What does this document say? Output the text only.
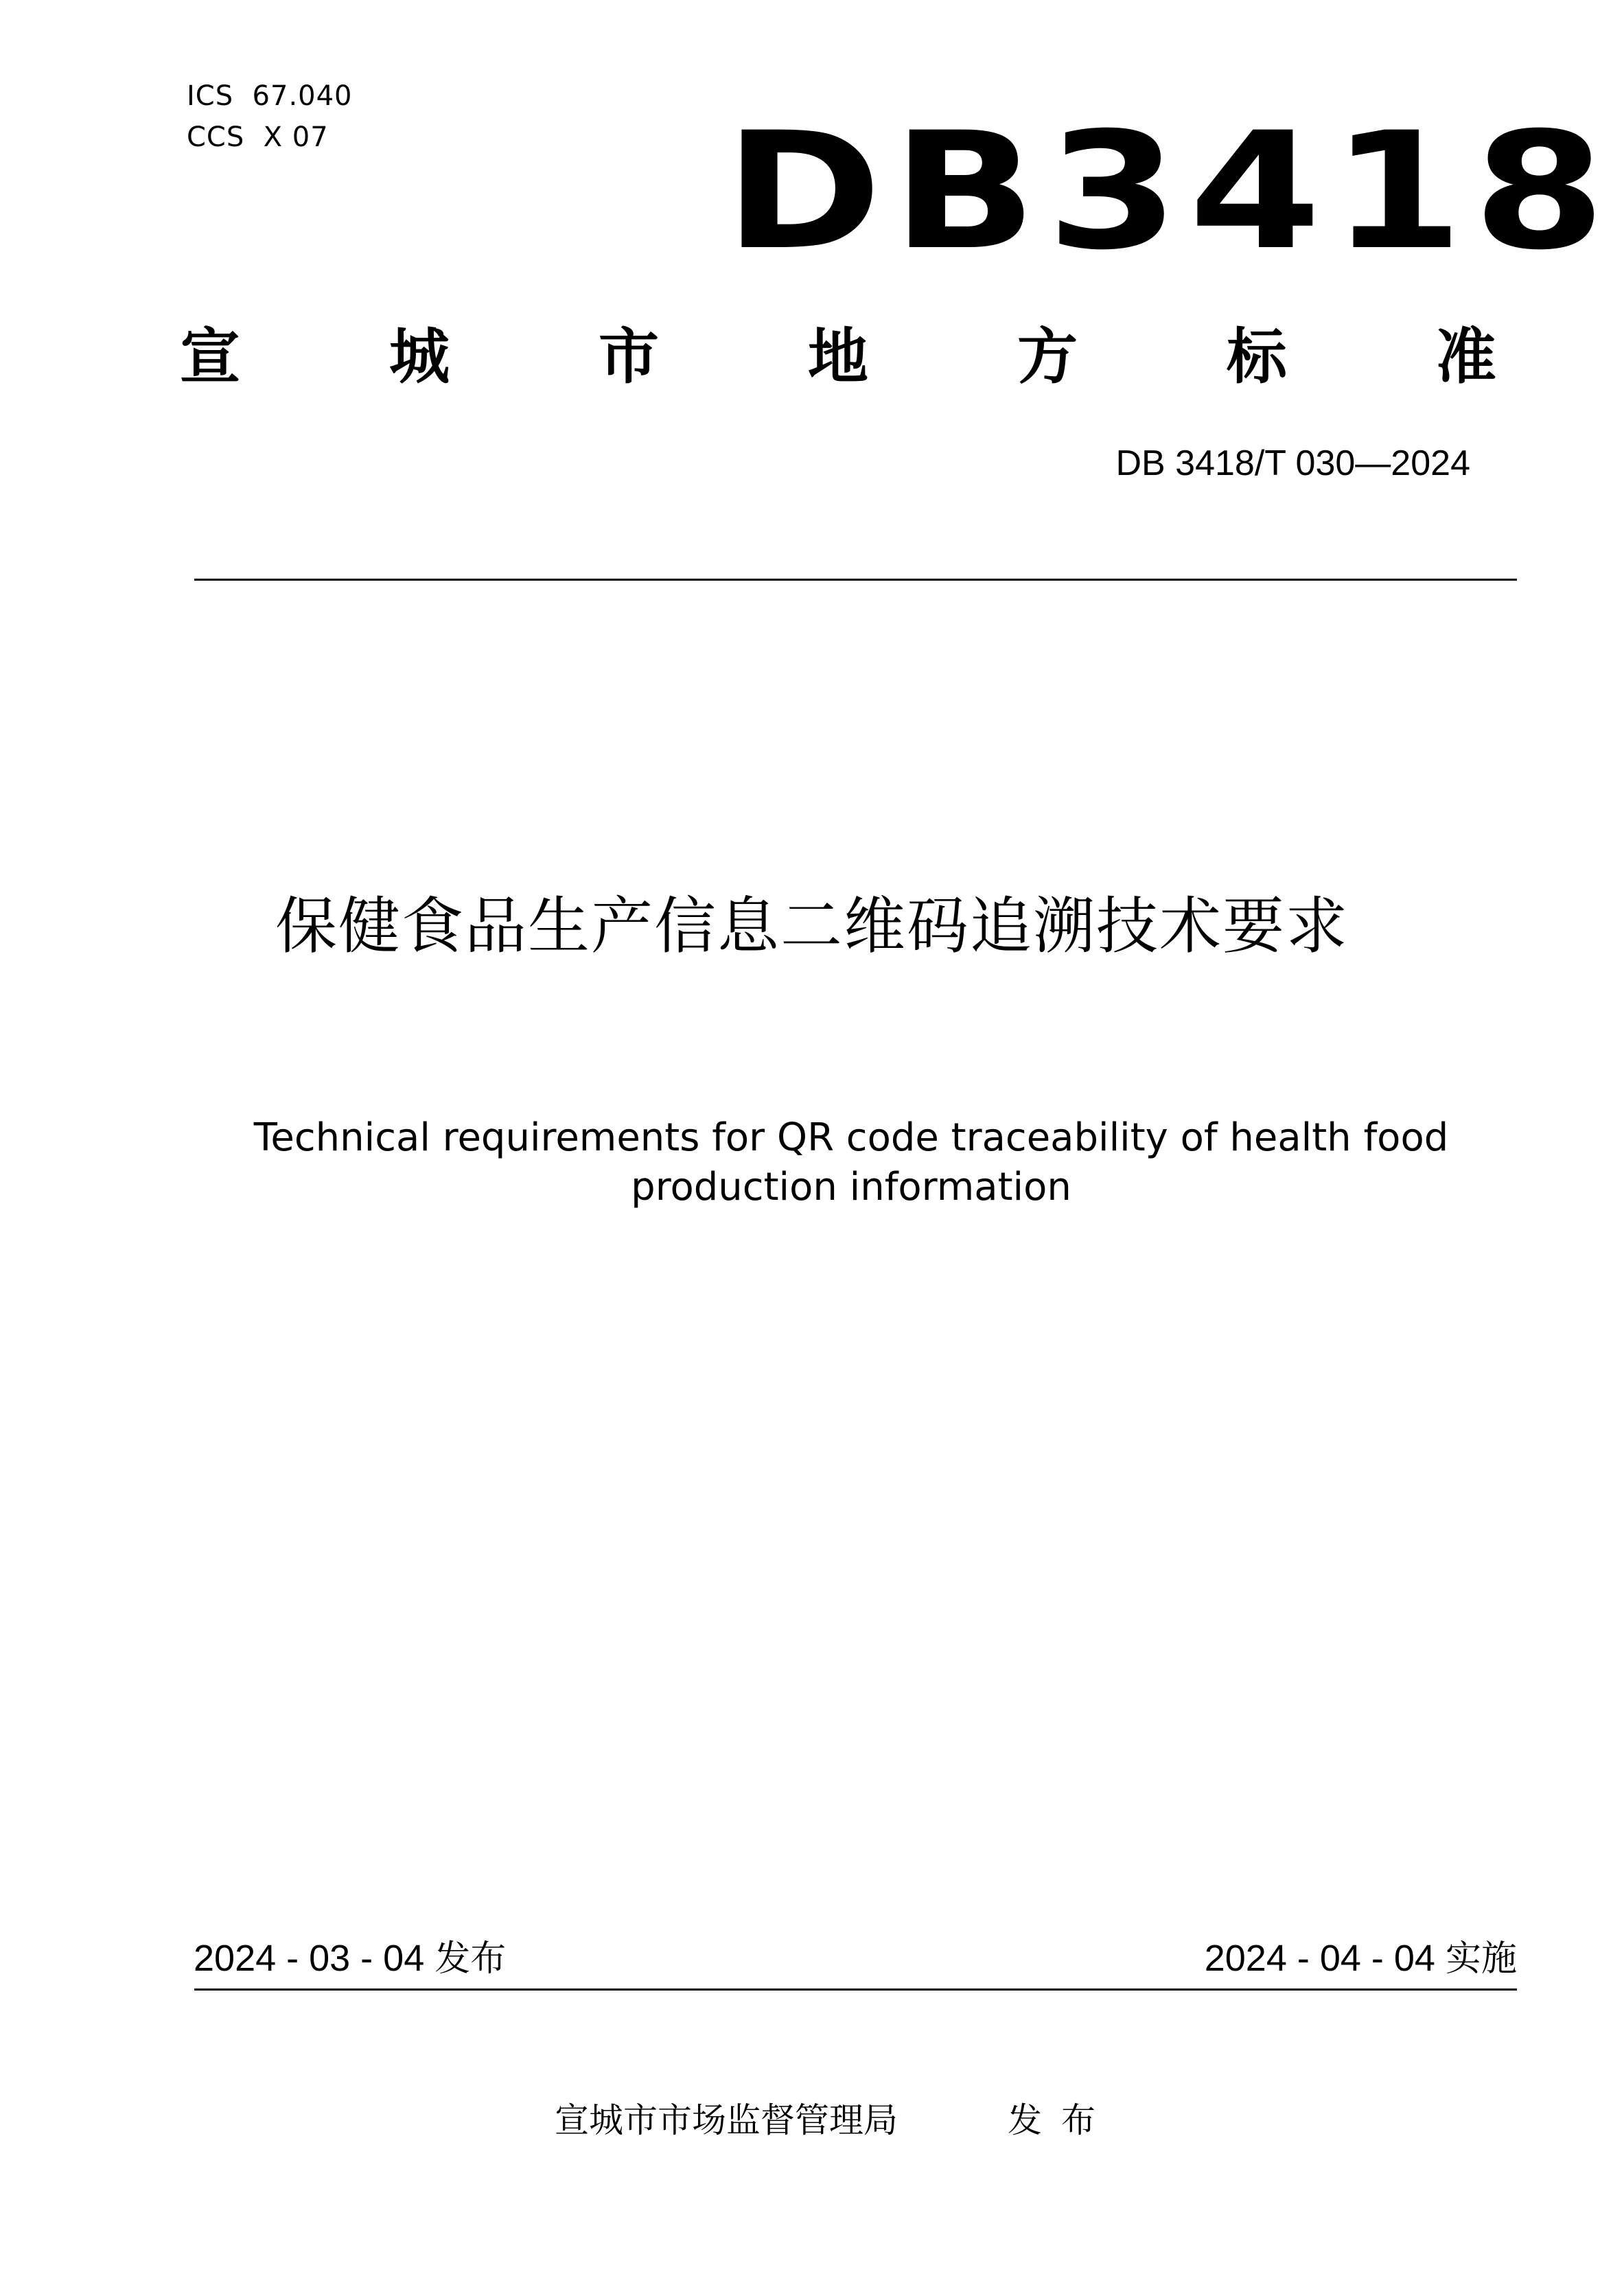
ICS  67.040
CCS  X 07 DB3418
宣 城 市 地 方 标 准
DB 3418/T 030—2024
保健食品生产信息二维码追溯技术要求
Technical requirements for QR code traceability of health food
production information
2024 - 03 - 04 发布	2024 - 04 - 04 实施
宣城市市场监督管理局	发布
